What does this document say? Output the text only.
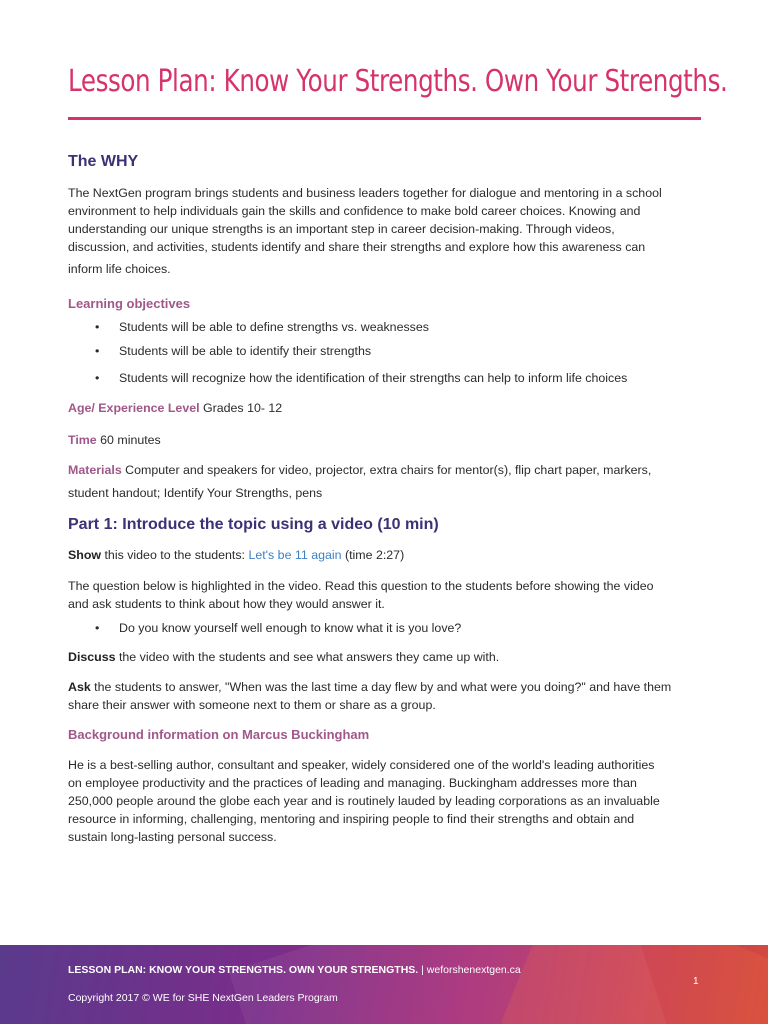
Lesson Plan: Know Your Strengths. Own Your Strengths.
The WHY
The NextGen program brings students and business leaders together for dialogue and mentoring in a school
environment to help individuals gain the skills and confidence to make bold career choices. Knowing and
understanding our unique strengths is an important step in career decision-making. Through videos,
discussion, and activities, students identify and share their strengths and explore how this awareness can
inform life choices.
Learning objectives
• Students will be able to define strengths vs. weaknesses
• Students will be able to identify their strengths
• Students will recognize how the identification of their strengths can help to inform life choices
Age/ Experience Level Grades 10- 12
Time 60 minutes
Materials Computer and speakers for video, projector, extra chairs for mentor(s), flip chart paper, markers,
student handout; Identify Your Strengths, pens
Part 1: Introduce the topic using a video (10 min)
Show this video to the students: Let's be 11 again (time 2:27)
The question below is highlighted in the video. Read this question to the students before showing the video
and ask students to think about how they would answer it.
• Do you know yourself well enough to know what it is you love?
Discuss the video with the students and see what answers they came up with.
Ask the students to answer, "When was the last time a day flew by and what were you doing?" and have them
share their answer with someone next to them or share as a group.
Background information on Marcus Buckingham
He is a best-selling author, consultant and speaker, widely considered one of the world's leading authorities
on employee productivity and the practices of leading and managing. Buckingham addresses more than
250,000 people around the globe each year and is routinely lauded by leading corporations as an invaluable
resource in informing, challenging, mentoring and inspiring people to find their strengths and obtain and
sustain long-lasting personal success.
LESSON PLAN: KNOW YOUR STRENGTHS. OWN YOUR STRENGTHS. | weforshenextgen.ca
Copyright 2017 © WE for SHE NextGen Leaders Program
1
